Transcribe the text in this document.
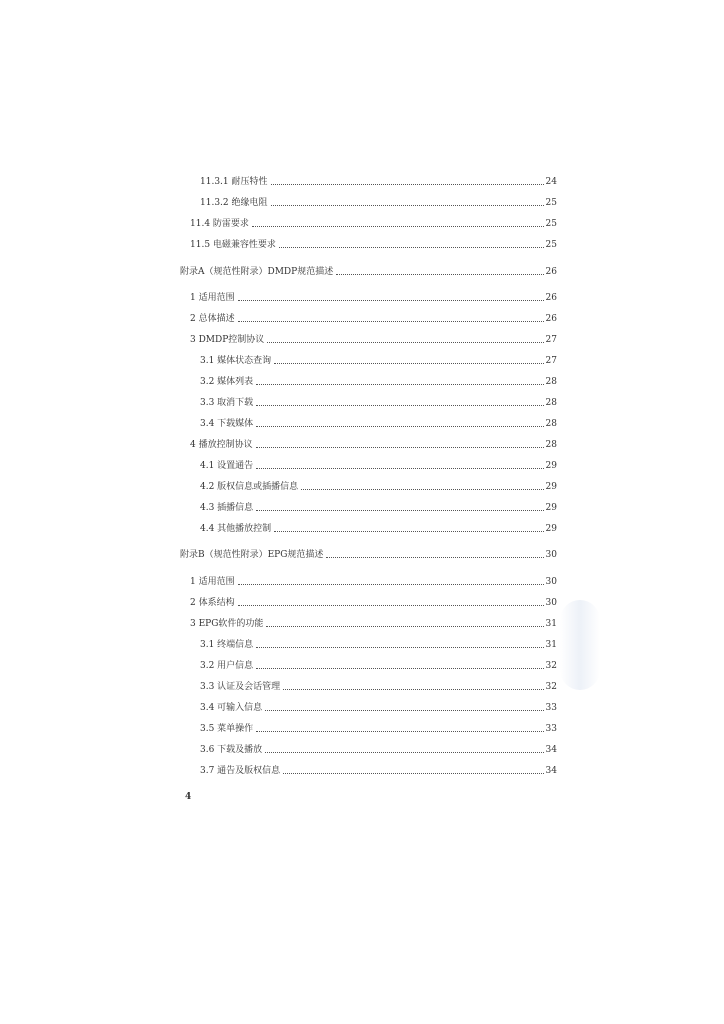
11.3.1 耐压特性	24
11.3.2 绝缘电阻	25
11.4 防雷要求	25
11.5 电磁兼容性要求	25
附录A（规范性附录）DMDP规范描述	26
1 适用范围	26
2 总体描述	26
3 DMDP控制协议	27
3.1 媒体状态查询	27
3.2 媒体列表	28
3.3 取消下载	28
3.4 下载媒体	28
4 播放控制协议	28
4.1 设置通告	29
4.2 版权信息或插播信息	29
4.3 插播信息	29
4.4 其他播放控制	29
附录B（规范性附录）EPG规范描述	30
1 适用范围	30
2 体系结构	30
3 EPG软件的功能	31
3.1 终端信息	31
3.2 用户信息	32
3.3 认证及会话管理	32
3.4 可输入信息	33
3.5 菜单操作	33
3.6 下载及播放	34
3.7 通告及版权信息	34
4
